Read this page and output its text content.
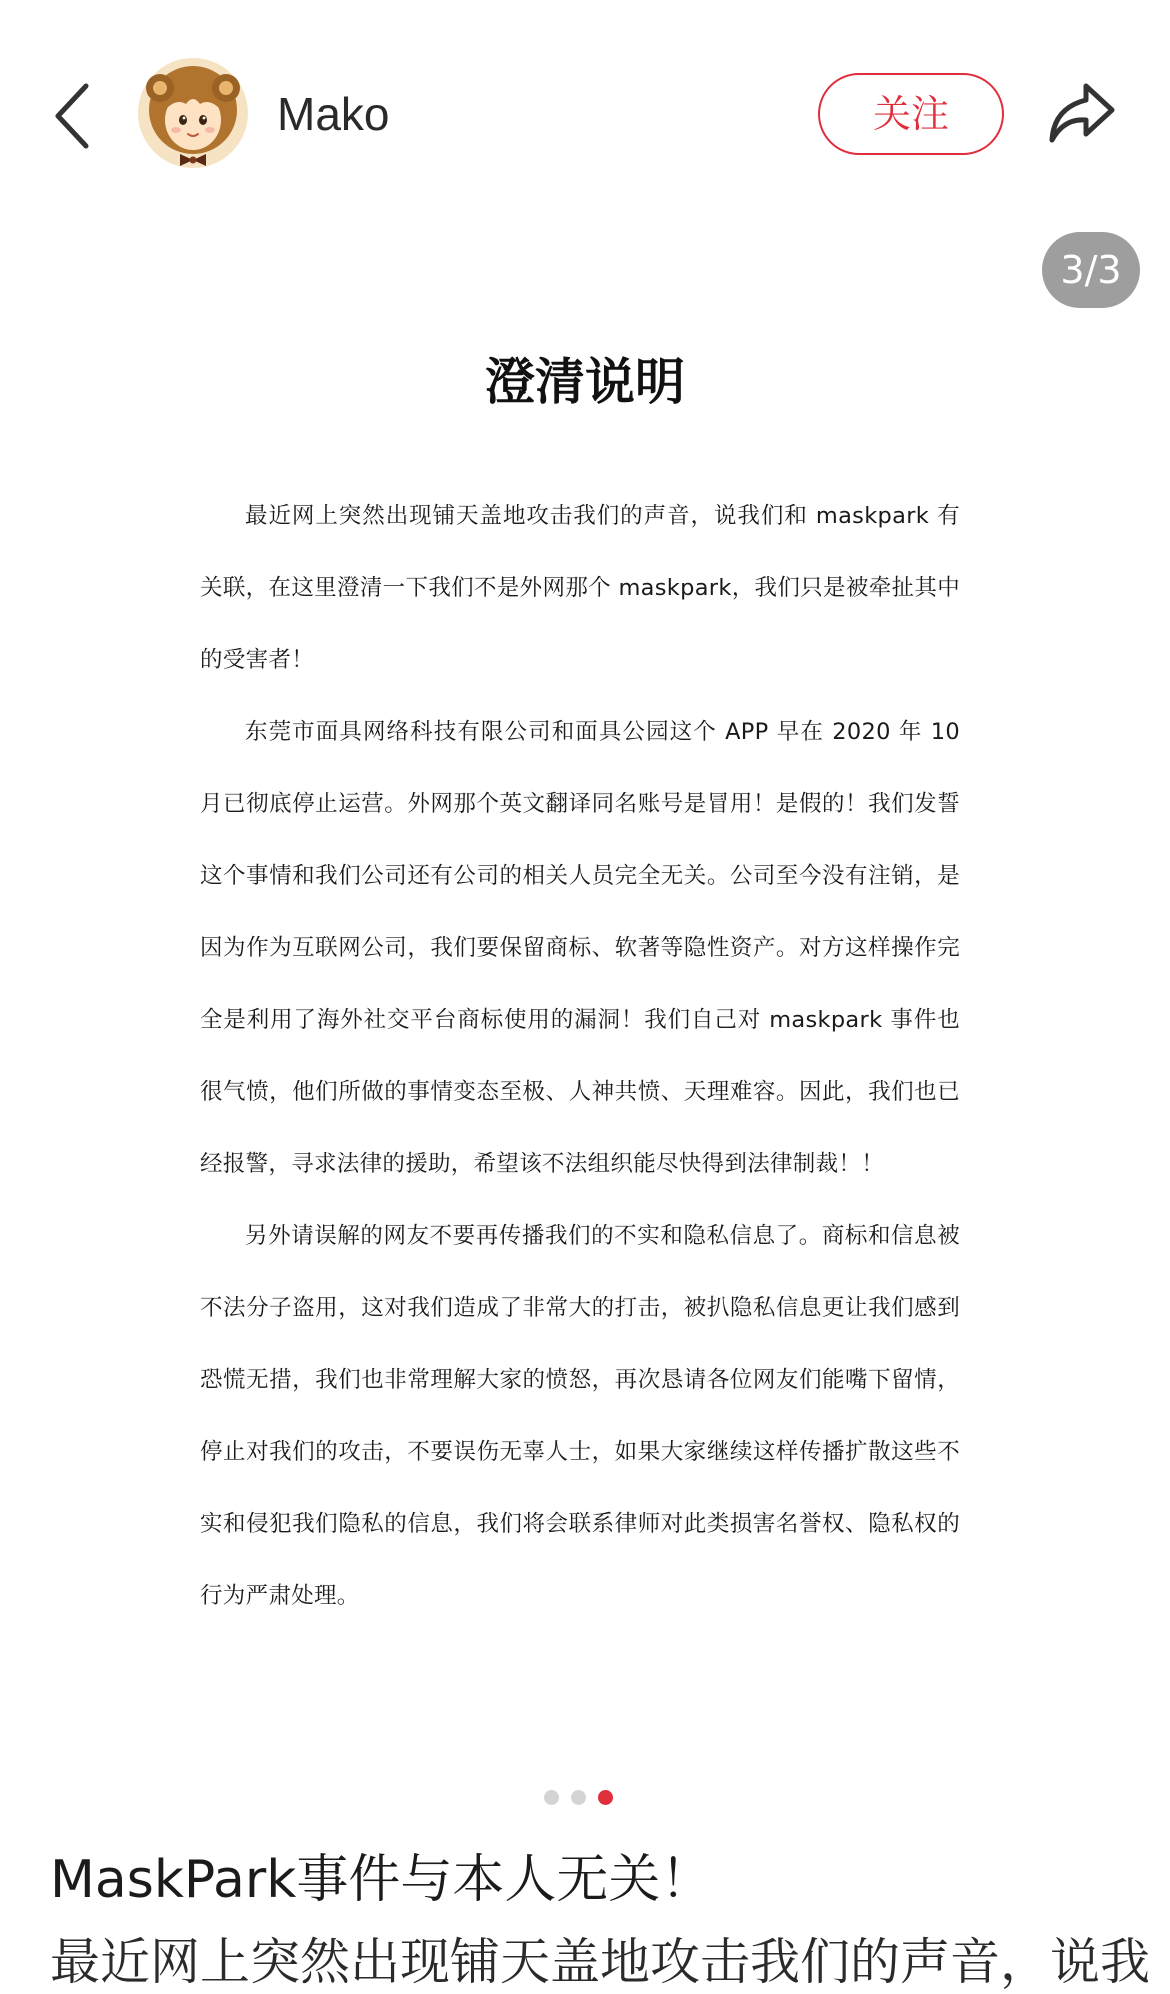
Mako	关注
3/3
澄清说明

最近网上突然出现铺天盖地攻击我们的声音，说我们和 maskpark 有关联，在这里澄清一下我们不是外网那个 maskpark，我们只是被牵扯其中的受害者！

东莞市面具网络科技有限公司和面具公园这个 APP 早在 2020 年 10 月已彻底停止运营。外网那个英文翻译同名账号是冒用！是假的！我们发誓这个事情和我们公司还有公司的相关人员完全无关。公司至今没有注销，是因为作为互联网公司，我们要保留商标、软著等隐性资产。对方这样操作完全是利用了海外社交平台商标使用的漏洞！我们自己对 maskpark 事件也很气愤，他们所做的事情变态至极、人神共愤、天理难容。因此，我们也已经报警，寻求法律的援助，希望该不法组织能尽快得到法律制裁！！

另外请误解的网友不要再传播我们的不实和隐私信息了。商标和信息被不法分子盗用，这对我们造成了非常大的打击，被扒隐私信息更让我们感到恐慌无措，我们也非常理解大家的愤怒，再次恳请各位网友们能嘴下留情，停止对我们的攻击，不要误伤无辜人士，如果大家继续这样传播扩散这些不实和侵犯我们隐私的信息，我们将会联系律师对此类损害名誉权、隐私权的行为严肃处理。

MaskPark事件与本人无关！
最近网上突然出现铺天盖地攻击我们的声音，说我
